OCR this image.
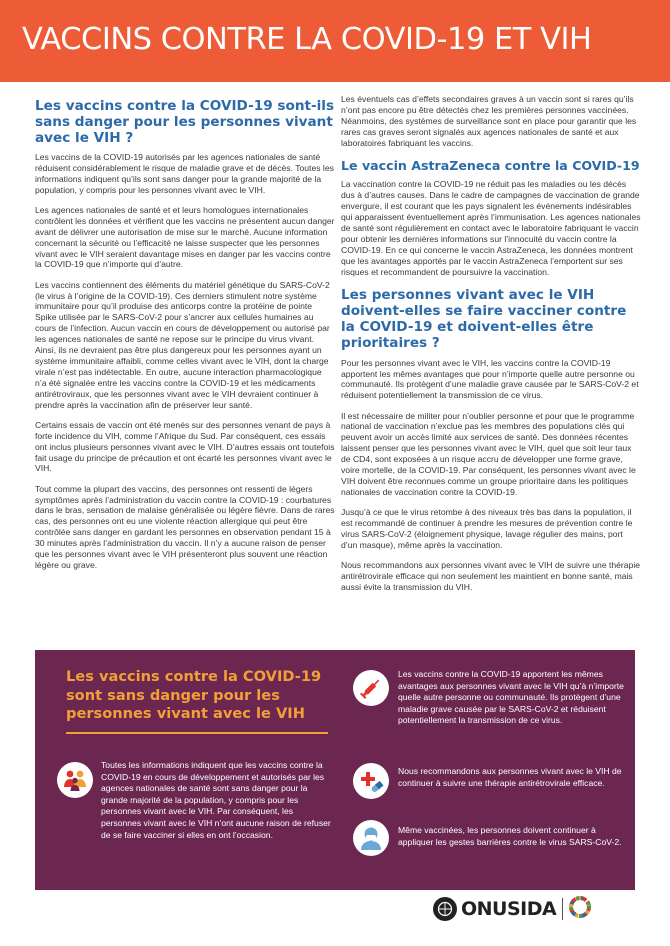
VACCINS CONTRE LA COVID-19 ET VIH
Les vaccins contre la COVID-19 sont-ils sans danger pour les personnes vivant avec le VIH ?

Les vaccins de la COVID-19 autorisés par les agences nationales de santé réduisent considérablement le risque de maladie grave et de décès. Toutes les informations indiquent qu’ils sont sans danger pour la grande majorité de la population, y compris pour les personnes vivant avec le VIH.

Les agences nationales de santé et et leurs homologues internationales contrôlent les données et vérifient que les vaccins ne présentent aucun danger avant de délivrer une autorisation de mise sur le marché. Aucune information concernant la sécurité ou l’efficacité ne laisse suspecter que les personnes vivant avec le VIH seraient davantage mises en danger par les vaccins contre la COVID-19 que n’importe qui d’autre.

Les vaccins contiennent des éléments du matériel génétique du SARS-CoV-2 (le virus à l’origine de la COVID-19). Ces derniers stimulent notre système immunitaire pour qu’il produise des anticorps contre la protéine de pointe Spike utilisée par le SARS-CoV-2 pour s’ancrer aux cellules humaines au cours de l’infection. Aucun vaccin en cours de développement ou autorisé par les agences nationales de santé ne repose sur le principe du virus vivant. Ainsi, ils ne devraient pas être plus dangereux pour les personnes ayant un système immunitaire affaibli, comme celles vivant avec le VIH, dont la charge virale n’est pas indétectable. En outre, aucune interaction pharmacologique n’a été signalée entre les vaccins contre la COVID-19 et les médicaments antirétroviraux, que les personnes vivant avec le VIH devraient continuer à prendre après la vaccination afin de préserver leur santé.

Certains essais de vaccin ont été menés sur des personnes venant de pays à forte incidence du VIH, comme l’Afrique du Sud. Par conséquent, ces essais ont inclus plusieurs personnes vivant avec le VIH. D’autres essais ont toutefois fait usage du principe de précaution et ont écarté les personnes vivant avec le VIH.

Tout comme la plupart des vaccins, des personnes ont ressenti de légers symptômes après l’administration du vaccin contre la COVID-19 : courbatures dans le bras, sensation de malaise généralisée ou légère fièvre. Dans de rares cas, des personnes ont eu une violente réaction allergique qui peut être contrôlée sans danger en gardant les personnes en observation pendant 15 à 30 minutes après l’administration du vaccin. Il n’y a aucune raison de penser que les personnes vivant avec le VIH présenteront plus souvent une réaction légère ou grave.

Les éventuels cas d’effets secondaires graves à un vaccin sont si rares qu’ils n’ont pas encore pu être détectés chez les premières personnes vaccinées. Néanmoins, des systèmes de surveillance sont en place pour garantir que les rares cas graves seront signalés aux agences nationales de santé et aux laboratoires fabriquant les vaccins.

Le vaccin AstraZeneca contre la COVID-19

La vaccination contre la COVID-19 ne réduit pas les maladies ou les décès dus à d’autres causes. Dans le cadre de campagnes de vaccination de grande envergure, il est courant que les pays signalent les événements indésirables qui apparaissent éventuellement après l’immunisation. Les agences nationales de santé sont régulièrement en contact avec le laboratoire fabriquant le vaccin pour obtenir les dernières informations sur l’innocuité du vaccin contre la COVID-19. En ce qui concerne le vaccin AstraZeneca, les données montrent que les avantages apportés par le vaccin AstraZeneca l’emportent sur ses risques et recommandent de poursuivre la vaccination.

Les personnes vivant avec le VIH doivent-elles se faire vacciner contre la COVID-19 et doivent-elles être prioritaires ?

Pour les personnes vivant avec le VIH, les vaccins contre la COVID-19 apportent les mêmes avantages que pour n’importe quelle autre personne ou communauté. Ils protègent d’une maladie grave causée par le SARS-CoV-2 et réduisent potentiellement la transmission de ce virus.

Il est nécessaire de militer pour n’oublier personne et pour que le programme national de vaccination n’exclue pas les membres des populations clés qui peuvent avoir un accès limité aux services de santé. Des données récentes laissent penser que les personnes vivant avec le VIH, quel que soit leur taux de CD4, sont exposées à un risque accru de développer une forme grave, voire mortelle, de la COVID-19. Par conséquent, les personnes vivant avec le VIH doivent être reconnues comme un groupe prioritaire dans les politiques nationales de vaccination contre la COVID-19.

Jusqu’à ce que le virus retombe à des niveaux très bas dans la population, il est recommandé de continuer à prendre les mesures de prévention contre le virus SARS-CoV-2 (éloignement physique, lavage régulier des mains, port d’un masque), même après la vaccination.

Nous recommandons aux personnes vivant avec le VIH de suivre une thérapie antirétrovirale efficace qui non seulement les maintient en bonne santé, mais aussi évite la transmission du VIH.

Les vaccins contre la COVID-19 sont sans danger pour les personnes vivant avec le VIH
Toutes les informations indiquent que les vaccins contre la COVID-19 en cours de développement et autorisés par les agences nationales de santé sont sans danger pour la grande majorité de la population, y compris pour les personnes vivant avec le VIH. Par conséquent, les personnes vivant avec le VIH n’ont aucune raison de refuser de se faire vacciner si elles en ont l’occasion.
Les vaccins contre la COVID-19 apportent les mêmes avantages aux personnes vivant avec le VIH qu’à n’importe quelle autre personne ou communauté. Ils protègent d’une maladie grave causée par le SARS-CoV-2 et réduisent potentiellement la transmission de ce virus.
Nous recommandons aux personnes vivant avec le VIH de continuer à suivre une thérapie antirétrovirale efficace.
Même vaccinées, les personnes doivent continuer à appliquer les gestes barrières contre le virus SARS-CoV-2.
ONUSIDA
